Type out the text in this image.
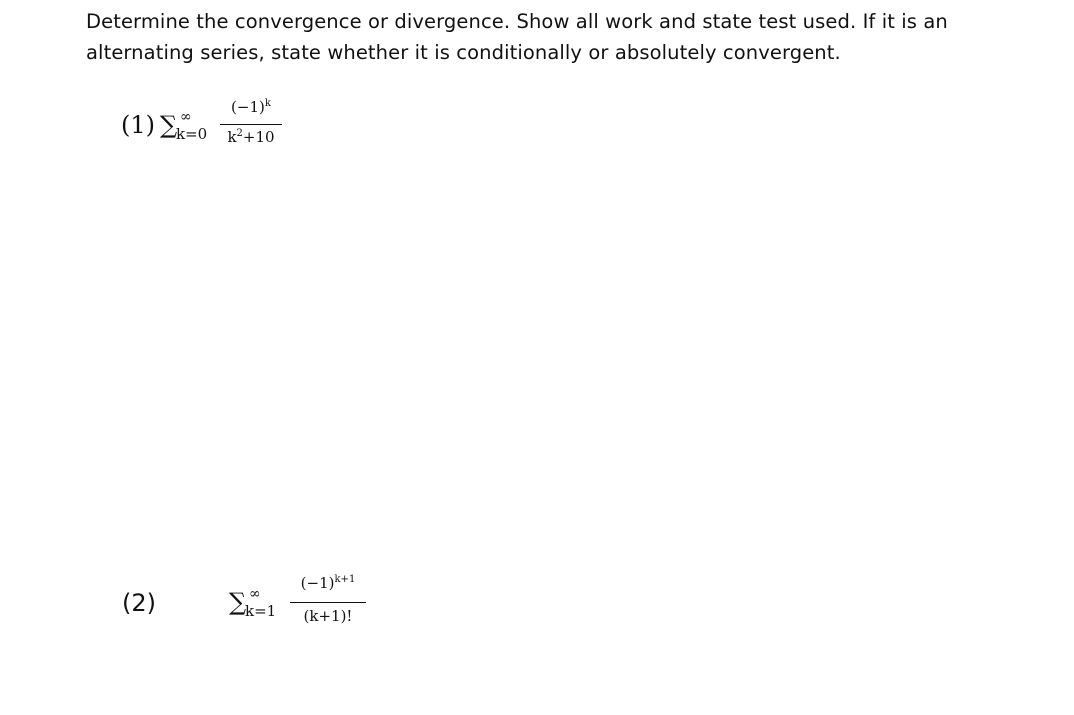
Determine the convergence or divergence. Show all work and state test used. If it is an

alternating series, state whether it is conditionally or absolutely convergent.

(1) ∑ ∞
k=0
$(-1)^k$
$k^2+10$
(2)	∑ ∞
k=1
$(-1)^{k+1}$
(k+1)!
